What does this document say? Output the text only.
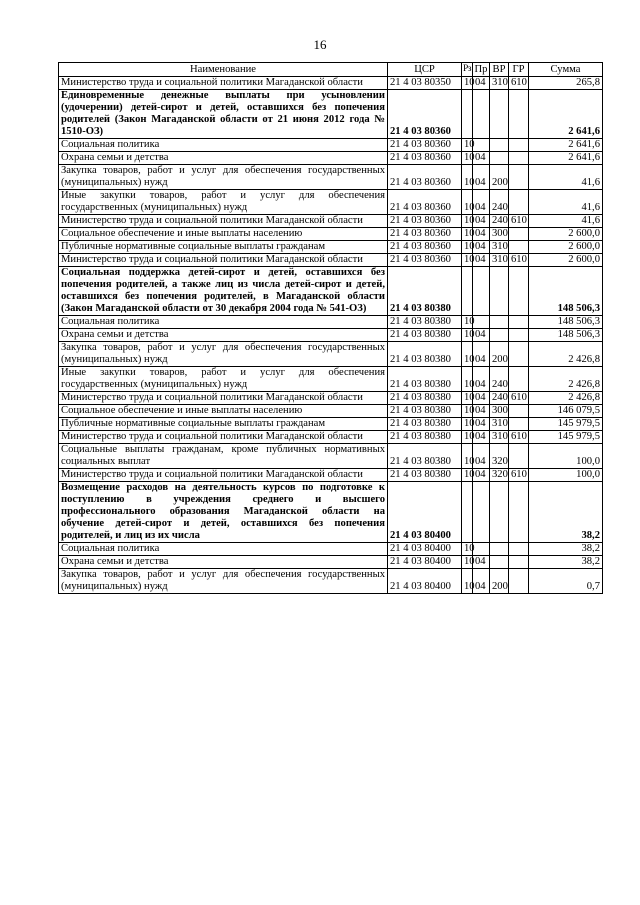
16
Наименование	ЦСР	Рз	Пр	ВР	ГР	Сумма
Министерство труда и социальной политики Магаданской области	21 4 03 80350	10	04	310	610	265,8
Единовременные денежные выплаты при усыновлении (удочерении) детей-сирот и детей, оставшихся без попечения родителей (Закон Магаданской области от 21 июня 2012 года № 1510-ОЗ)	21 4 03 80360					2 641,6
Социальная политика	21 4 03 80360	10				2 641,6
Охрана семьи и детства	21 4 03 80360	10	04			2 641,6
Закупка товаров, работ и услуг для обеспечения государственных (муниципальных) нужд	21 4 03 80360	10	04	200		41,6
Иные закупки товаров, работ и услуг для обеспечения государственных (муниципальных) нужд	21 4 03 80360	10	04	240		41,6
Министерство труда и социальной политики Магаданской области	21 4 03 80360	10	04	240	610	41,6
Социальное обеспечение и иные выплаты населению	21 4 03 80360	10	04	300		2 600,0
Публичные нормативные социальные выплаты гражданам	21 4 03 80360	10	04	310		2 600,0
Министерство труда и социальной политики Магаданской области	21 4 03 80360	10	04	310	610	2 600,0
Социальная поддержка детей-сирот и детей, оставшихся без попечения родителей, а также лиц из числа детей-сирот и детей, оставшихся без попечения родителей, в Магаданской области (Закон Магаданской области от 30 декабря 2004 года № 541-ОЗ)	21 4 03 80380					148 506,3
Социальная политика	21 4 03 80380	10				148 506,3
Охрана семьи и детства	21 4 03 80380	10	04			148 506,3
Закупка товаров, работ и услуг для обеспечения государственных (муниципальных) нужд	21 4 03 80380	10	04	200		2 426,8
Иные закупки товаров, работ и услуг для обеспечения государственных (муниципальных) нужд	21 4 03 80380	10	04	240		2 426,8
Министерство труда и социальной политики Магаданской области	21 4 03 80380	10	04	240	610	2 426,8
Социальное обеспечение и иные выплаты населению	21 4 03 80380	10	04	300		146 079,5
Публичные нормативные социальные выплаты гражданам	21 4 03 80380	10	04	310		145 979,5
Министерство труда и социальной политики Магаданской области	21 4 03 80380	10	04	310	610	145 979,5
Социальные выплаты гражданам, кроме публичных нормативных социальных выплат	21 4 03 80380	10	04	320		100,0
Министерство труда и социальной политики Магаданской области	21 4 03 80380	10	04	320	610	100,0
Возмещение расходов на деятельность курсов по подготовке к поступлению в учреждения среднего и высшего профессионального образования Магаданской области на обучение детей-сирот и детей, оставшихся без попечения родителей, и лиц из их числа	21 4 03 80400					38,2
Социальная политика	21 4 03 80400	10				38,2
Охрана семьи и детства	21 4 03 80400	10	04			38,2
Закупка товаров, работ и услуг для обеспечения государственных (муниципальных) нужд	21 4 03 80400	10	04	200		0,7
